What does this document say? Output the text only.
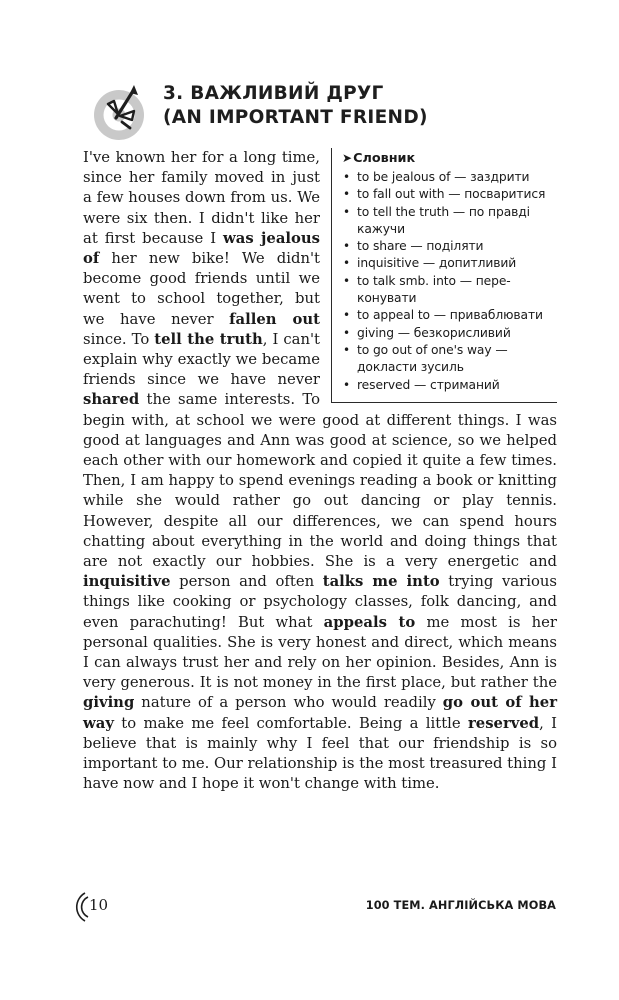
3. ВАЖЛИВИЙ ДРУГ
(AN IMPORTANT FRIEND)
➤Словник
• to be jealous of — заздрити
• to fall out with — посваритися
• to tell the truth — по правді кажучи
• to share — поділяти
• inquisitive — допитливий
• to talk smb. into — пере-конувати
• to appeal to — приваблювати
• giving — безкорисливий
• to go out of one's way — докласти зусиль
• reserved — стриманий

I've known her for a long time, since her family moved in just a few houses down from us. We were six then. I didn't like her at first because I was jealous of her new bike! We didn't become good friends until we went to school together, but we have never fallen out since. To tell the truth, I can't explain why exactly we became friends since we have never shared the same interests. To begin with, at school we were good at different things. I was good at languages and Ann was good at science, so we helped each other with our homework and copied it quite a few times. Then, I am happy to spend evenings reading a book or knitting while she would rather go out dancing or play tennis. However, despite all our differences, we can spend hours chatting about everything in the world and doing things that are not exactly our hobbies. She is a very energetic and inquisitive person and often talks me into trying various things like cooking or psychology classes, folk dancing, and even parachuting! But what appeals to me most is her personal qualities. She is very honest and direct, which means I can always trust her and rely on her opinion. Besides, Ann is very generous. It is not money in the first place, but rather the giving nature of a person who would readily go out of her way to make me feel comfortable. Being a little reserved, I believe that is mainly why I feel that our friendship is so important to me. Our relationship is the most treasured thing I have now and I hope it won't change with time.

10	100 ТЕМ. АНГЛІЙСЬКА МОВА
